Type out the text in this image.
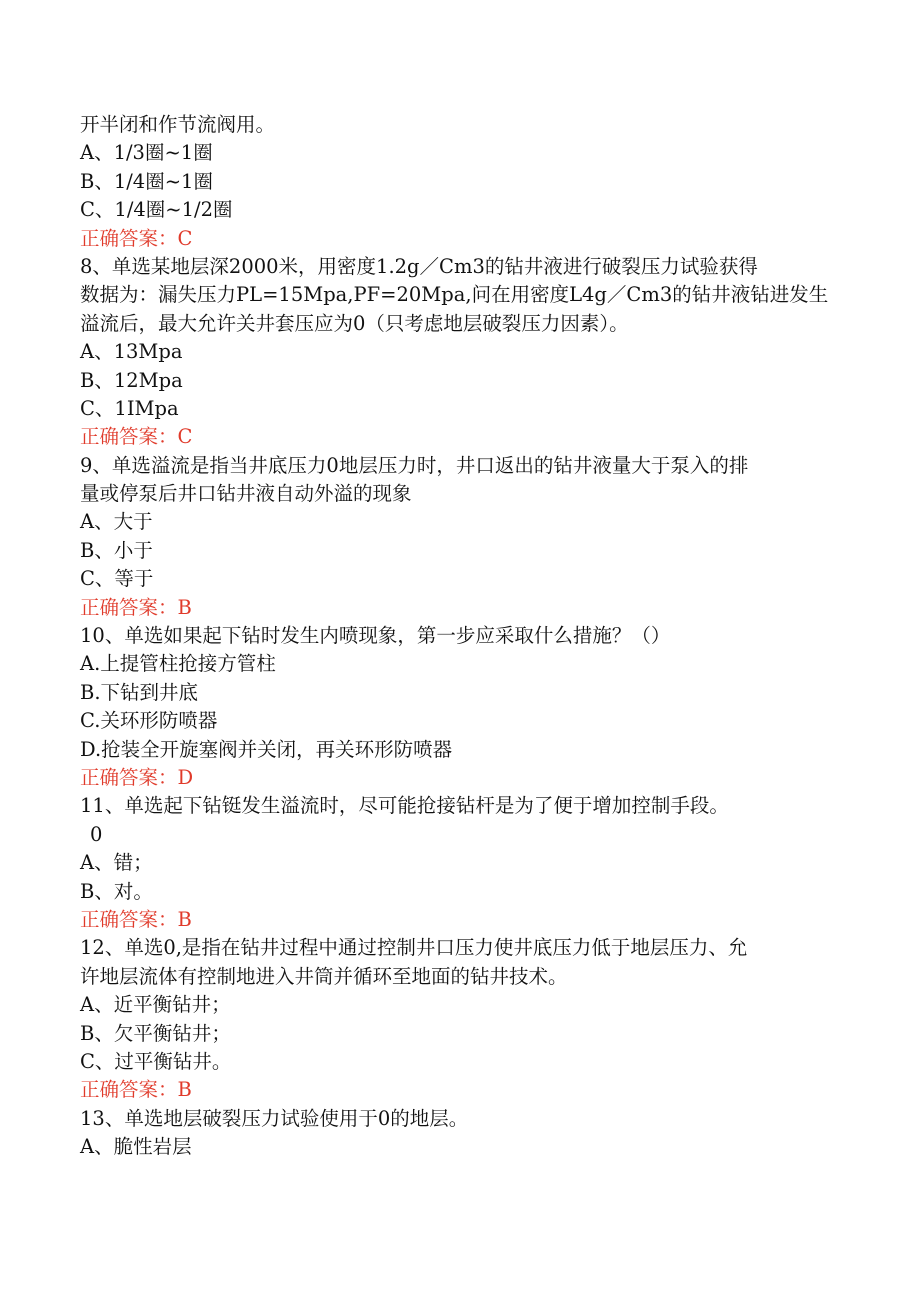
开半闭和作节流阀用。
A、1/3圈~1圈
B、1/4圈~1圈
C、1/4圈~1/2圈
正确答案：C
8、单选某地层深2000米，用密度1.2g／Cm3的钻井液进行破裂压力试验获得
数据为：漏失压力PL=15Mpa,PF=20Mpa,问在用密度L4g／Cm3的钻井液钻进发生
溢流后，最大允许关井套压应为0（只考虑地层破裂压力因素）。
A、13Mpa
B、12Mpa
C、1IMpa
正确答案：C
9、单选溢流是指当井底压力0地层压力时，井口返出的钻井液量大于泵入的排
量或停泵后井口钻井液自动外溢的现象
A、大于
B、小于
C、等于
正确答案：B
10、单选如果起下钻时发生内喷现象，第一步应采取什么措施？（）
A.上提管柱抢接方管柱
B.下钻到井底
C.关环形防喷器
D.抢装全开旋塞阀并关闭，再关环形防喷器
正确答案：D
11、单选起下钻铤发生溢流时，尽可能抢接钻杆是为了便于增加控制手段。
0
A、错；
B、对。
正确答案：B
12、单选0,是指在钻井过程中通过控制井口压力使井底压力低于地层压力、允
许地层流体有控制地进入井筒并循环至地面的钻井技术。
A、近平衡钻井；
B、欠平衡钻井；
C、过平衡钻井。
正确答案：B
13、单选地层破裂压力试验使用于0的地层。
A、脆性岩层
